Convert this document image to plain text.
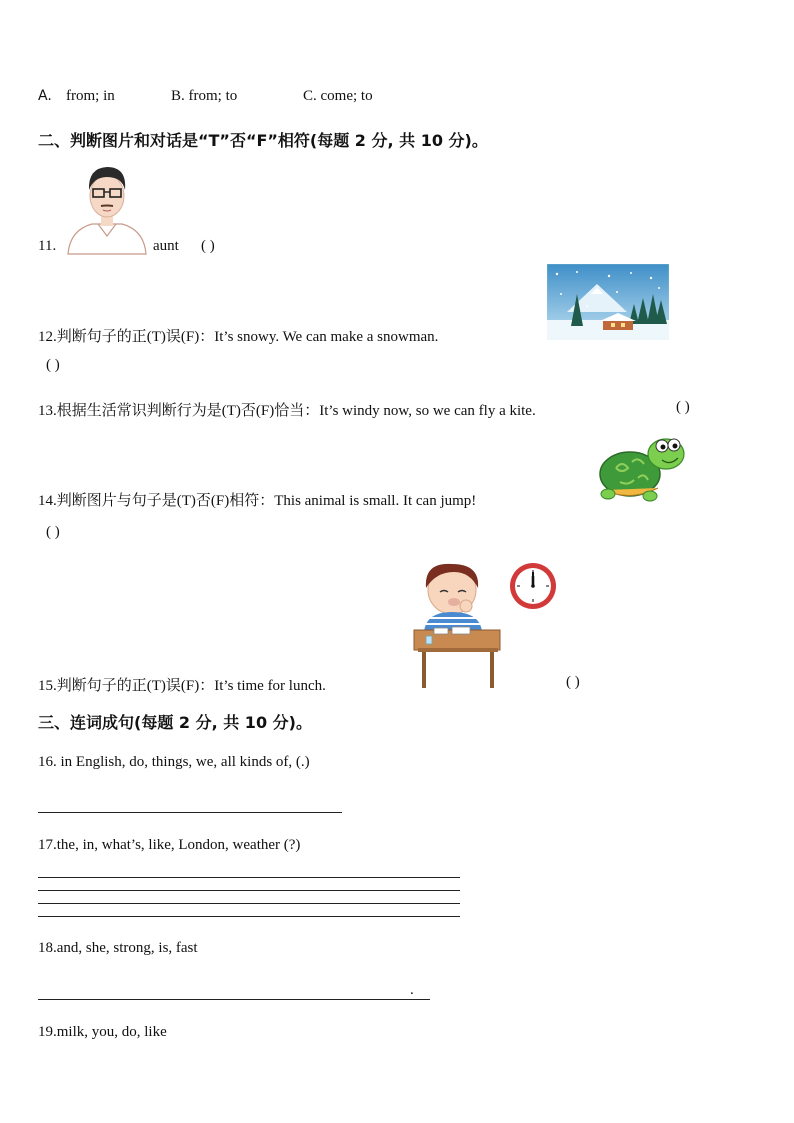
A. from; in	B. from; to	C. come; to
二、判断图片和对话是“T”否“F”相符(每题 2 分, 共 10 分)。
11.	aunt ( )
12.判断句子的正(T)误(F)：It’s snowy. We can make a snowman.
( )
13.根据生活常识判断行为是(T)否(F)恰当：It’s windy now, so we can fly a kite.	( )
14.判断图片与句子是(T)否(F)相符：This animal is small. It can jump!
( )
15.判断句子的正(T)误(F)：It’s time for lunch.	( )
三、连词成句(每题 2 分, 共 10 分)。
16. in English, do, things, we, all kinds of, (.)
17.the, in, what’s, like, London, weather (?)
18.and, she, strong, is, fast
.
19.milk, you, do, like
